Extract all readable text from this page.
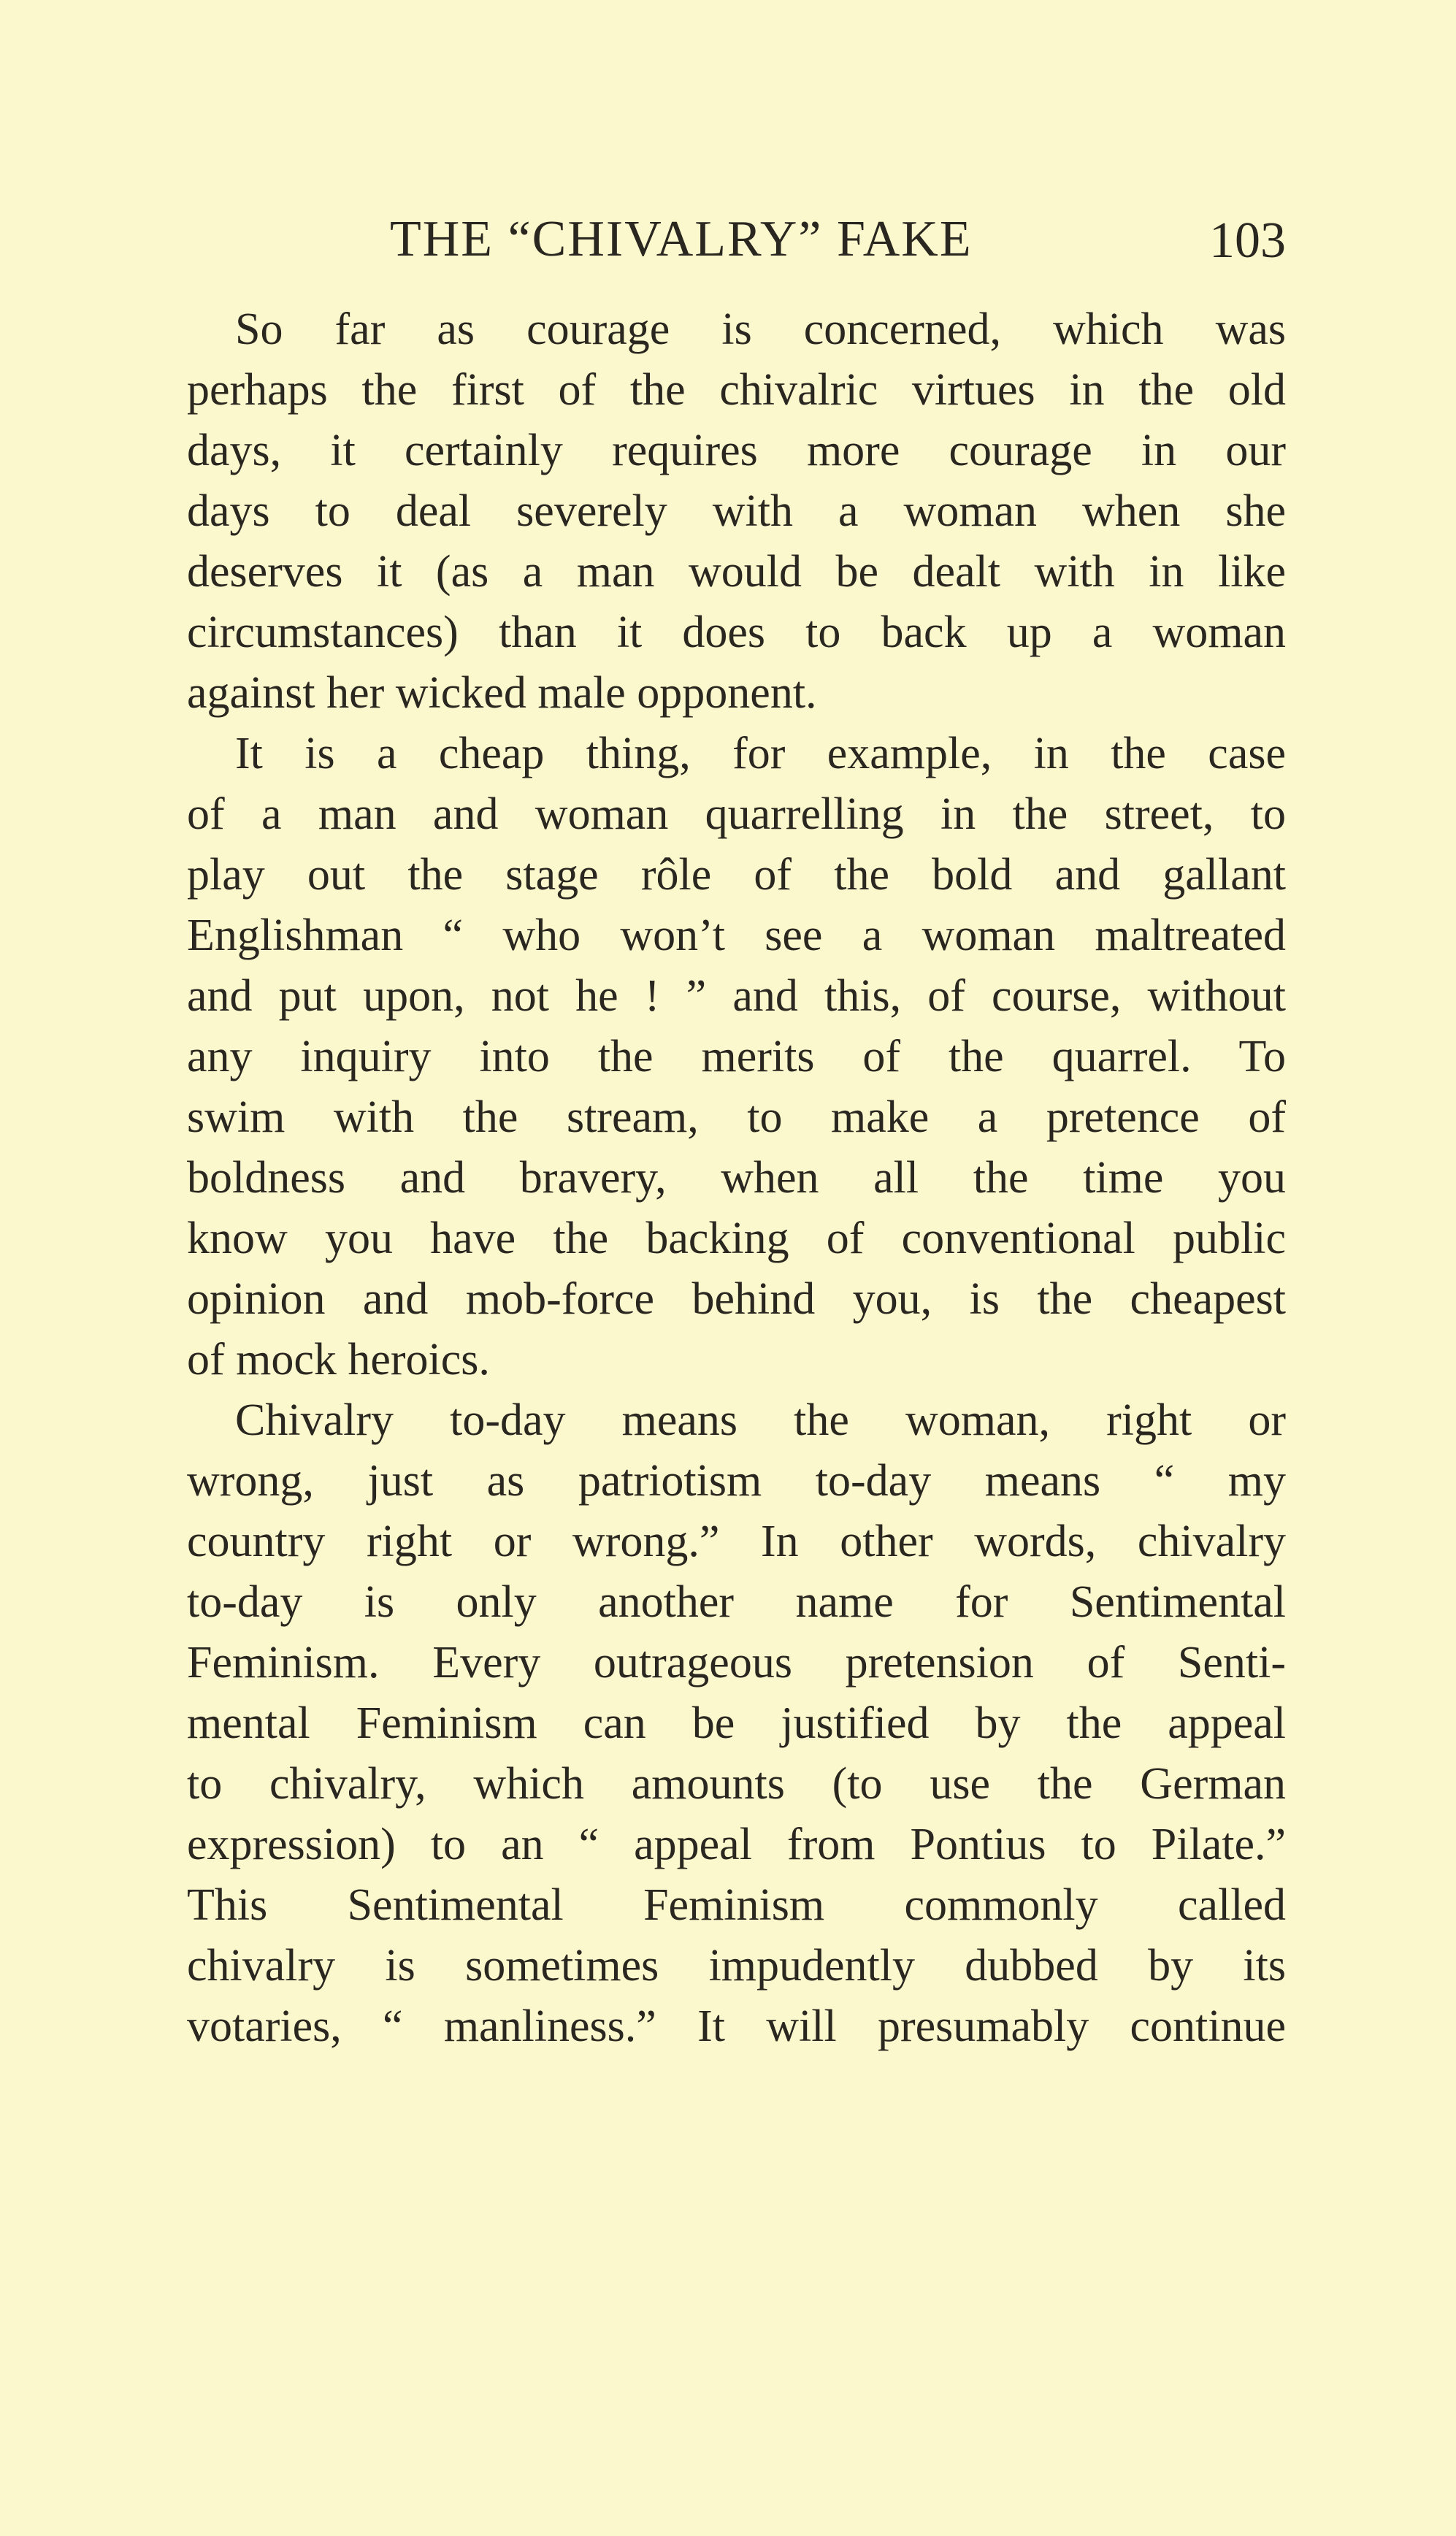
THE “CHIVALRY” FAKE	103
So far as courage is concerned, which was
perhaps the first of the chivalric virtues in the old
days, it certainly requires more courage in our
days to deal severely with a woman when she
deserves it (as a man would be dealt with in like
circumstances) than it does to back up a woman
against her wicked male opponent.
It is a cheap thing, for example, in the case
of a man and woman quarrelling in the street, to
play out the stage rôle of the bold and gallant
Englishman “ who won’t see a woman maltreated
and put upon, not he ! ” and this, of course, without
any inquiry into the merits of the quarrel. To
swim with the stream, to make a pretence of
boldness and bravery, when all the time you
know you have the backing of conventional public
opinion and mob-force behind you, is the cheapest
of mock heroics.
Chivalry to-day means the woman, right or
wrong, just as patriotism to-day means “ my
country right or wrong.” In other words, chivalry
to-day is only another name for Sentimental
Feminism. Every outrageous pretension of Senti-
mental Feminism can be justified by the appeal
to chivalry, which amounts (to use the German
expression) to an “ appeal from Pontius to Pilate.”
This Sentimental Feminism commonly called
chivalry is sometimes impudently dubbed by its
votaries, “ manliness.” It will presumably continue
